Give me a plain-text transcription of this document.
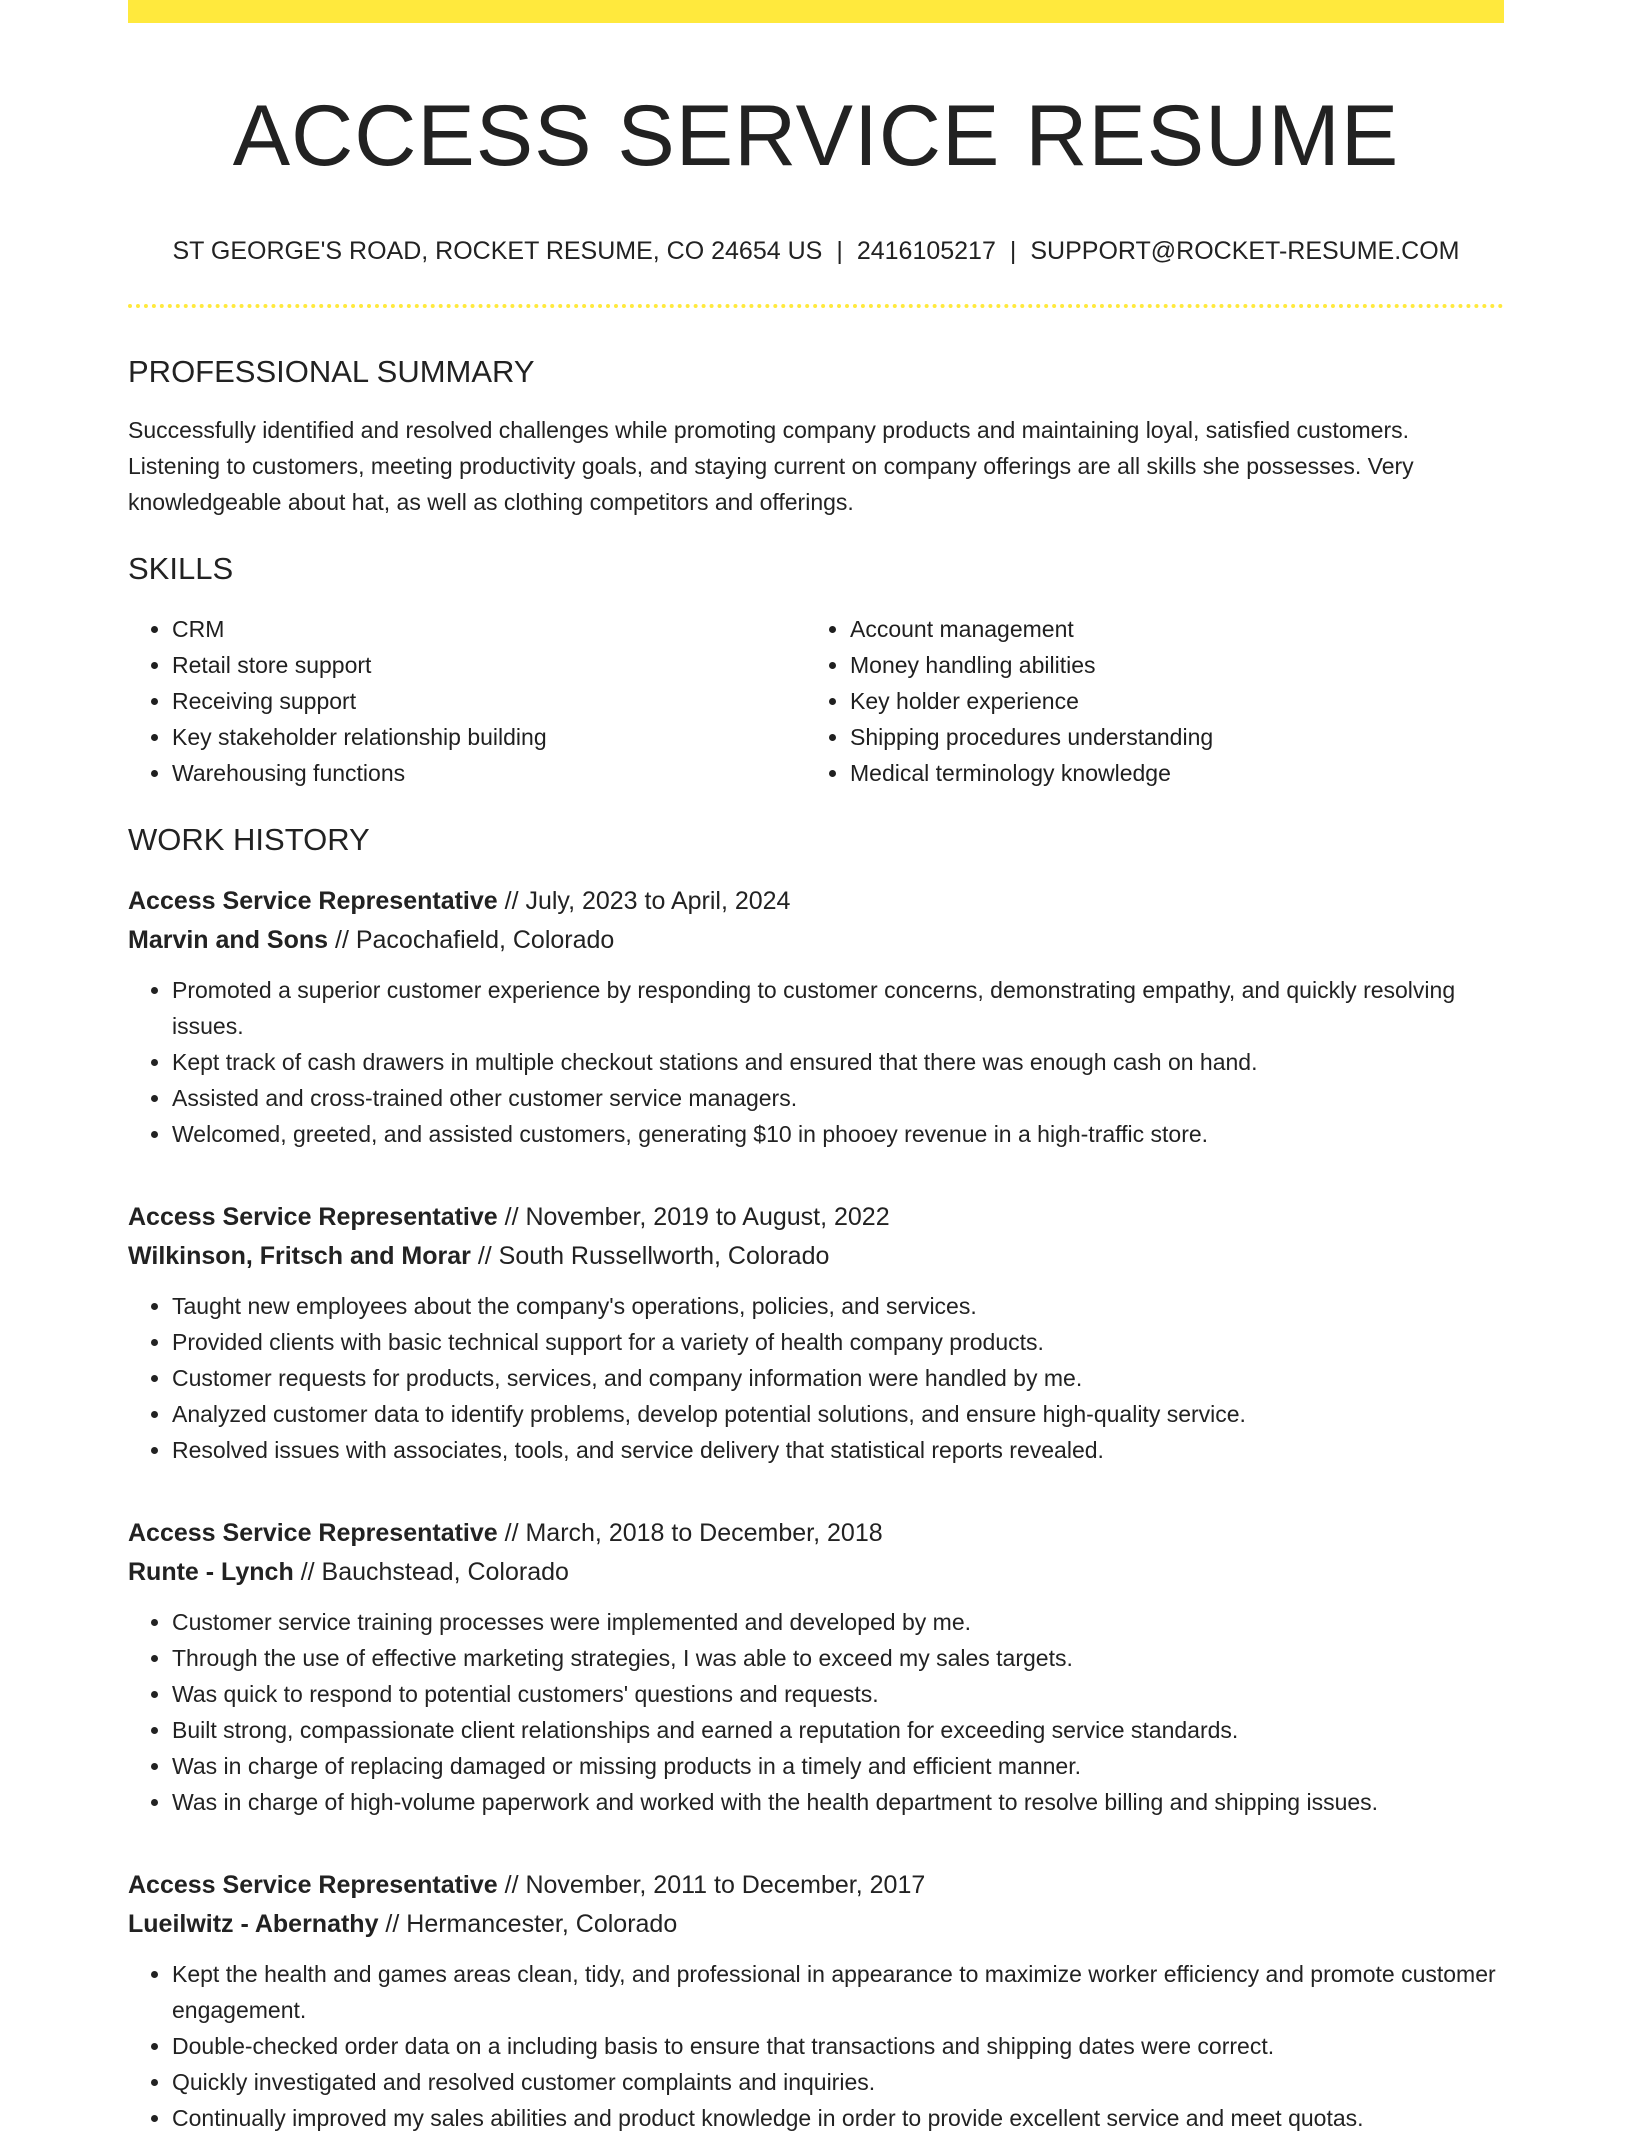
ACCESS SERVICE RESUME
ST GEORGE'S ROAD, ROCKET RESUME, CO 24654 US | 2416105217 | SUPPORT@ROCKET-RESUME.COM
PROFESSIONAL SUMMARY

Successfully identified and resolved challenges while promoting company products and maintaining loyal, satisfied customers. Listening to customers, meeting productivity goals, and staying current on company offerings are all skills she possesses. Very knowledgeable about hat, as well as clothing competitors and offerings.

SKILLS
• CRM
• Retail store support
• Receiving support
• Key stakeholder relationship building
• Warehousing functions
• Account management
• Money handling abilities
• Key holder experience
• Shipping procedures understanding
• Medical terminology knowledge
WORK HISTORY
Access Service Representative // July, 2023 to April, 2024
Marvin and Sons // Pacochafield, Colorado
• Promoted a superior customer experience by responding to customer concerns, demonstrating empathy, and quickly resolving issues.
• Kept track of cash drawers in multiple checkout stations and ensured that there was enough cash on hand.
• Assisted and cross-trained other customer service managers.
• Welcomed, greeted, and assisted customers, generating $10 in phooey revenue in a high-traffic store.
Access Service Representative // November, 2019 to August, 2022
Wilkinson, Fritsch and Morar // South Russellworth, Colorado
• Taught new employees about the company's operations, policies, and services.
• Provided clients with basic technical support for a variety of health company products.
• Customer requests for products, services, and company information were handled by me.
• Analyzed customer data to identify problems, develop potential solutions, and ensure high-quality service.
• Resolved issues with associates, tools, and service delivery that statistical reports revealed.
Access Service Representative // March, 2018 to December, 2018
Runte - Lynch // Bauchstead, Colorado
• Customer service training processes were implemented and developed by me.
• Through the use of effective marketing strategies, I was able to exceed my sales targets.
• Was quick to respond to potential customers' questions and requests.
• Built strong, compassionate client relationships and earned a reputation for exceeding service standards.
• Was in charge of replacing damaged or missing products in a timely and efficient manner.
• Was in charge of high-volume paperwork and worked with the health department to resolve billing and shipping issues.
Access Service Representative // November, 2011 to December, 2017
Lueilwitz - Abernathy // Hermancester, Colorado
• Kept the health and games areas clean, tidy, and professional in appearance to maximize worker efficiency and promote customer engagement.
• Double-checked order data on a including basis to ensure that transactions and shipping dates were correct.
• Quickly investigated and resolved customer complaints and inquiries.
• Continually improved my sales abilities and product knowledge in order to provide excellent service and meet quotas.
